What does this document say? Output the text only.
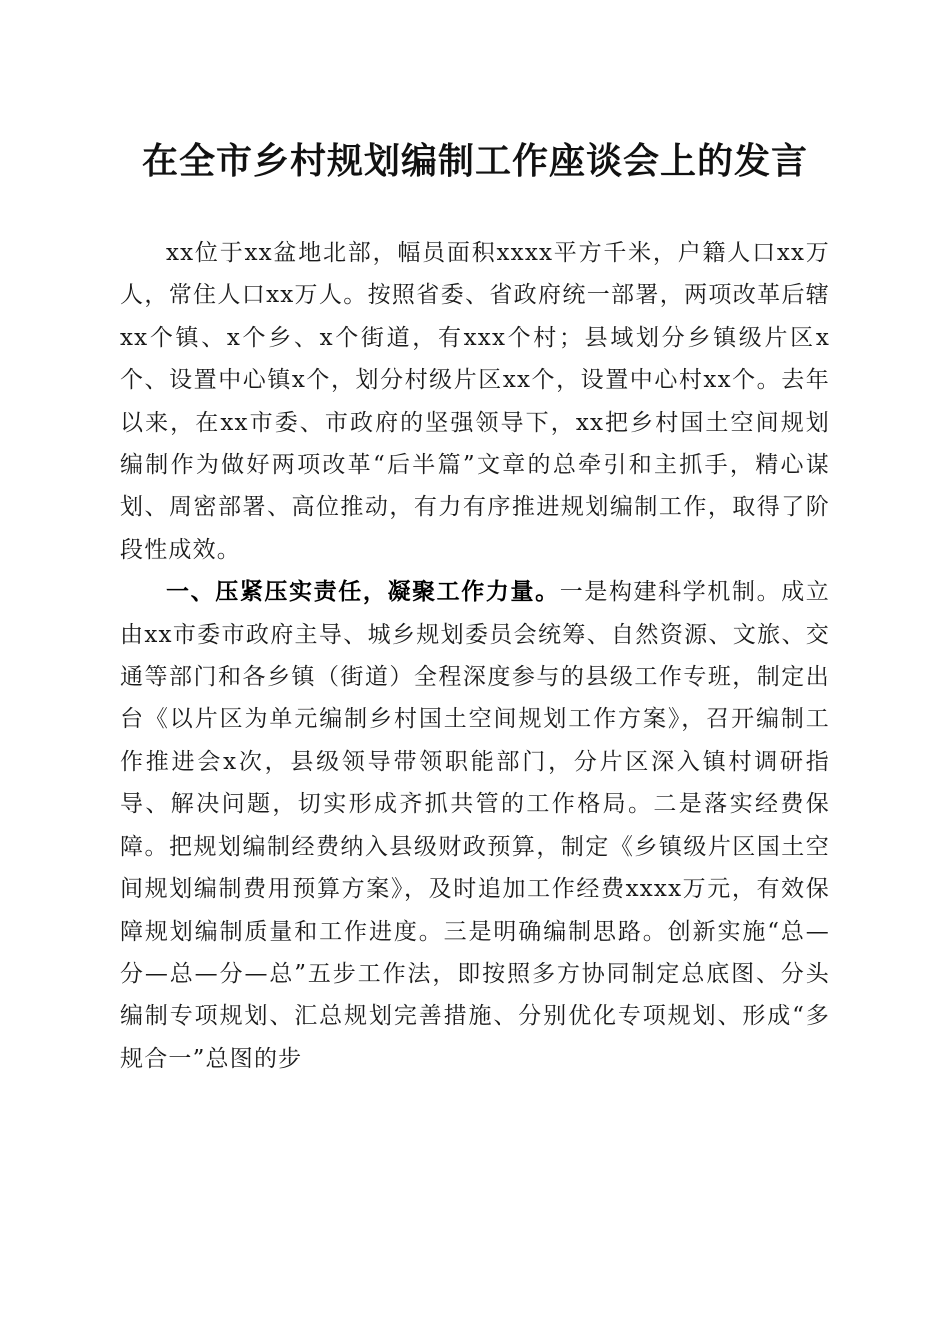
在全市乡村规划编制工作座谈会上的发言

xx位于xx盆地北部，幅员面积xxxx平方千米，户籍人口xx万人，常住人口xx万人。按照省委、省政府统一部署，两项改革后辖xx个镇、x个乡、x个街道，有xxx个村；县域划分乡镇级片区x个、设置中心镇x个，划分村级片区xx个，设置中心村xx个。去年以来，在xx市委、市政府的坚强领导下，xx把乡村国土空间规划编制作为做好两项改革“后半篇”文章的总牵引和主抓手，精心谋划、周密部署、高位推动，有力有序推进规划编制工作，取得了阶段性成效。

一、压紧压实责任，凝聚工作力量。一是构建科学机制。成立由xx市委市政府主导、城乡规划委员会统筹、自然资源、文旅、交通等部门和各乡镇（街道）全程深度参与的县级工作专班，制定出台《以片区为单元编制乡村国土空间规划工作方案》，召开编制工作推进会x次，县级领导带领职能部门，分片区深入镇村调研指导、解决问题，切实形成齐抓共管的工作格局。二是落实经费保障。把规划编制经费纳入县级财政预算，制定《乡镇级片区国土空间规划编制费用预算方案》，及时追加工作经费xxxx万元，有效保障规划编制质量和工作进度。三是明确编制思路。创新实施“总—分—总—分—总”五步工作法，即按照多方协同制定总底图、分头编制专项规划、汇总规划完善措施、分别优化专项规划、形成“多规合一”总图的步
